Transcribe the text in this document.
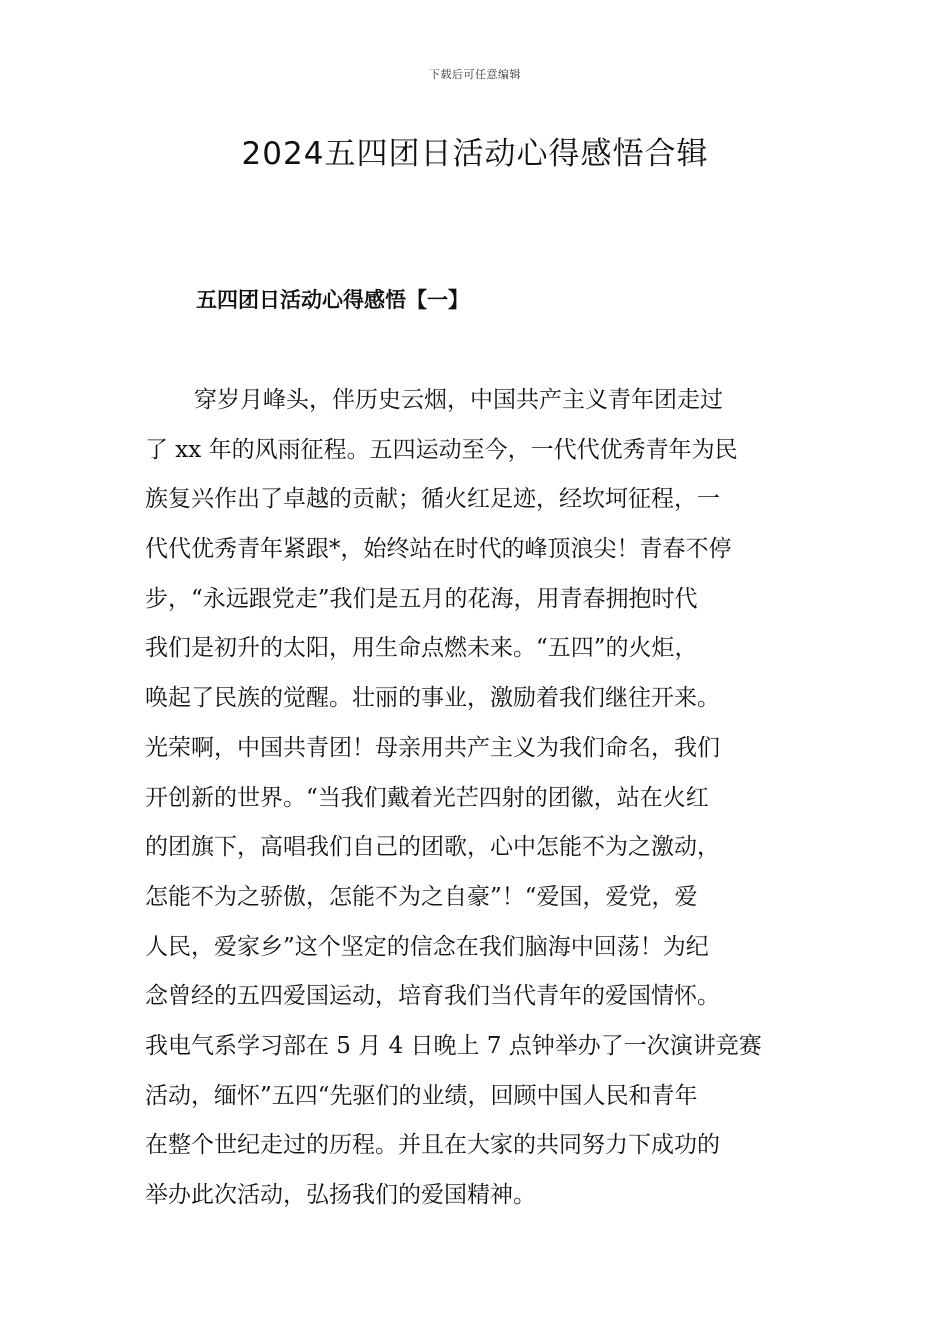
下载后可任意编辑
2024五四团日活动心得感悟合辑
五四团日活动心得感悟【一】
穿岁月峰头，伴历史云烟，中国共产主义青年团走过
了 xx 年的风雨征程。五四运动至今，一代代优秀青年为民
族复兴作出了卓越的贡献；循火红足迹，经坎坷征程，一
代代优秀青年紧跟*，始终站在时代的峰顶浪尖！青春不停
步，“永远跟党走”我们是五月的花海，用青春拥抱时代
我们是初升的太阳，用生命点燃未来。“五四”的火炬，
唤起了民族的觉醒。壮丽的事业，激励着我们继往开来。
光荣啊，中国共青团！母亲用共产主义为我们命名，我们
开创新的世界。“当我们戴着光芒四射的团徽，站在火红
的团旗下，高唱我们自己的团歌，心中怎能不为之激动，
怎能不为之骄傲，怎能不为之自豪”！“爱国，爱党，爱
人民，爱家乡”这个坚定的信念在我们脑海中回荡！为纪
念曾经的五四爱国运动，培育我们当代青年的爱国情怀。
我电气系学习部在 5 月 4 日晚上 7 点钟举办了一次演讲竞赛
活动，缅怀”五四“先驱们的业绩，回顾中国人民和青年
在整个世纪走过的历程。并且在大家的共同努力下成功的
举办此次活动，弘扬我们的爱国精神。
